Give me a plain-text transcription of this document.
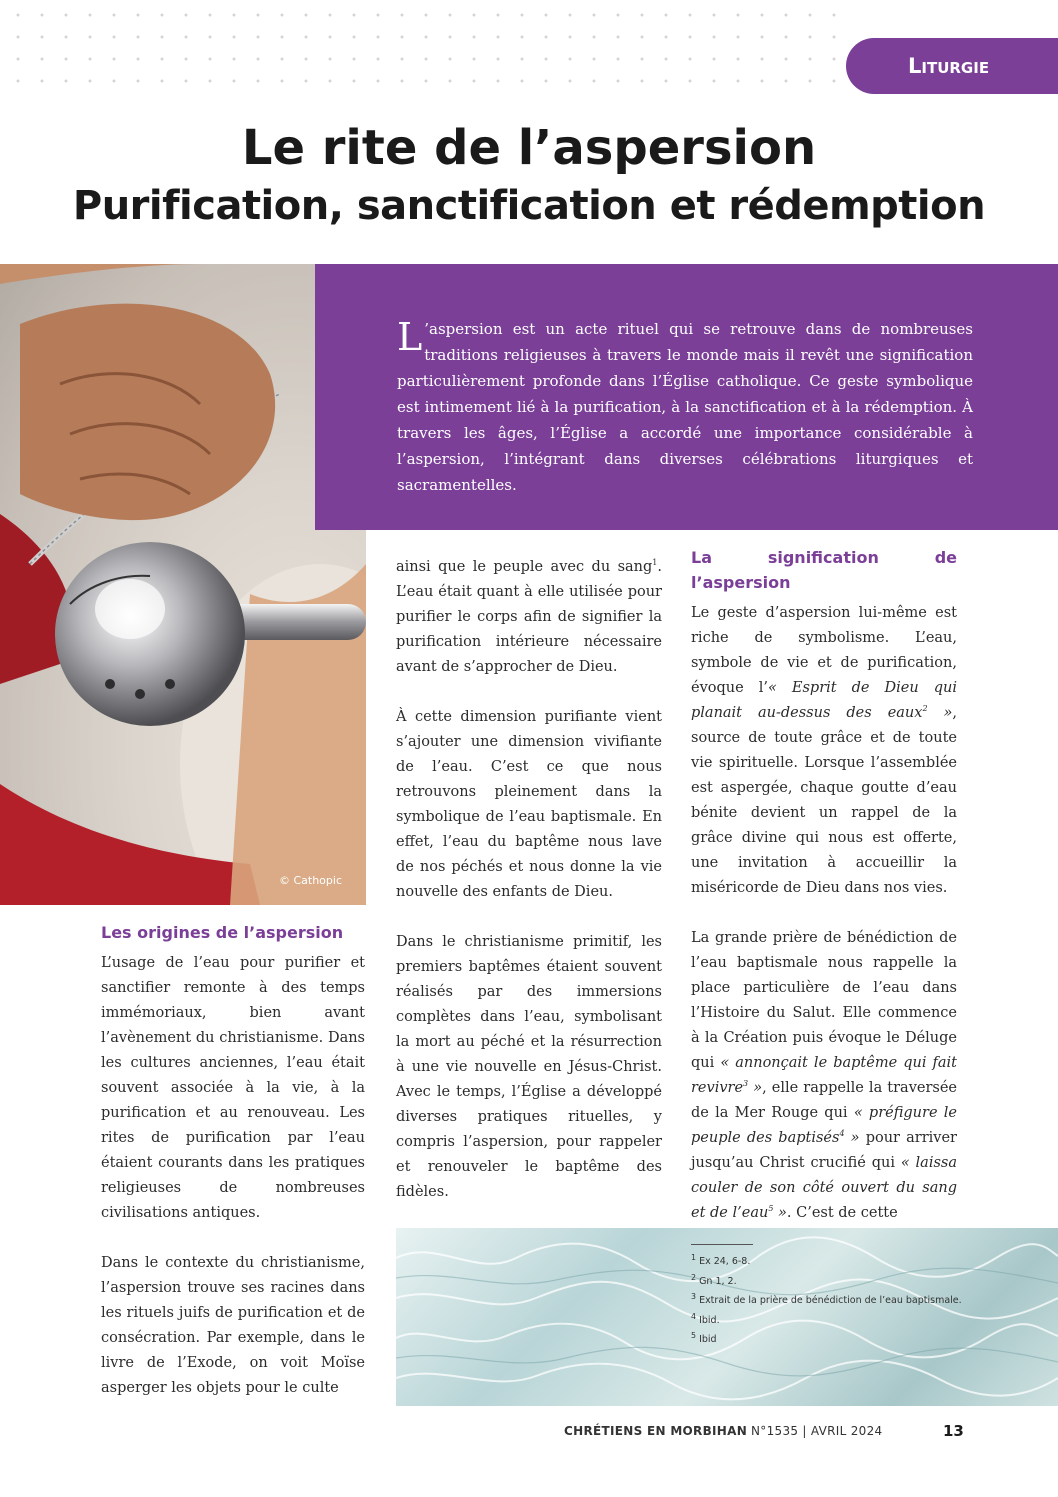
Liturgie
Le rite de l’aspersion
Purification, sanctification et rédemption
© Cathopic

L ’aspersion est un acte rituel qui se retrouve dans de nombreuses traditions religieuses à travers le monde mais il revêt une signification particulièrement profonde dans l’Église catholique. Ce geste symbolique est intimement lié à la purification, à la sanctification et à la rédemption. À travers les âges, l’Église a accordé une importance considérable à l’aspersion, l’intégrant dans diverses célébrations liturgiques et sacramentelles.

Les origines de l’aspersion

L’usage de l’eau pour purifier et sanctifier remonte à des temps immémoriaux, bien avant l’avènement du christianisme. Dans les cultures anciennes, l’eau était souvent associée à la vie, à la purification et au renouveau. Les rites de purification par l’eau étaient courants dans les pratiques religieuses de nombreuses civilisations antiques.

Dans le contexte du christianisme, l’aspersion trouve ses racines dans les rituels juifs de purification et de consécration. Par exemple, dans le livre de l’Exode, on voit Moïse asperger les objets pour le culte

ainsi que le peuple avec du sang$^1$. L’eau était quant à elle utilisée pour purifier le corps afin de signifier la purification intérieure nécessaire avant de s’approcher de Dieu.

À cette dimension purifiante vient s’ajouter une dimension vivifiante de l’eau. C’est ce que nous retrouvons pleinement dans la symbolique de l’eau baptismale. En effet, l’eau du baptême nous lave de nos péchés et nous donne la vie nouvelle des enfants de Dieu.

Dans le christianisme primitif, les premiers baptêmes étaient souvent réalisés par des immersions complètes dans l’eau, symbolisant la mort au péché et la résurrection à une vie nouvelle en Jésus-Christ. Avec le temps, l’Église a développé diverses pratiques rituelles, y compris l’aspersion, pour rappeler et renouveler le baptême des fidèles.

La signification de l’aspersion

Le geste d’aspersion lui-même est riche de symbolisme. L’eau, symbole de vie et de purification, évoque l’« Esprit de Dieu qui planait au-dessus des eaux$^2$ », source de toute grâce et de toute vie spirituelle. Lorsque l’assemblée est aspergée, chaque goutte d’eau bénite devient un rappel de la grâce divine qui nous est offerte, une invitation à accueillir la miséricorde de Dieu dans nos vies.

La grande prière de bénédiction de l’eau baptismale nous rappelle la place particulière de l’eau dans l’Histoire du Salut. Elle commence à la Création puis évoque le Déluge qui « annonçait le baptême qui fait revivre$^3$ », elle rappelle la traversée de la Mer Rouge qui « préfigure le peuple des baptisés$^4$ » pour arriver jusqu’au Christ crucifié qui « laissa couler de son côté ouvert du sang et de l’eau$^5$ ». C’est de cette

$^1$ Ex 24, 6-8.
$^2$ Gn 1, 2.
$^3$ Extrait de la prière de bénédiction de l’eau baptismale.
$^4$ Ibid.
$^5$ Ibid
CHRÉTIENS EN MORBIHAN N°1535 | AVRIL 2024	13
